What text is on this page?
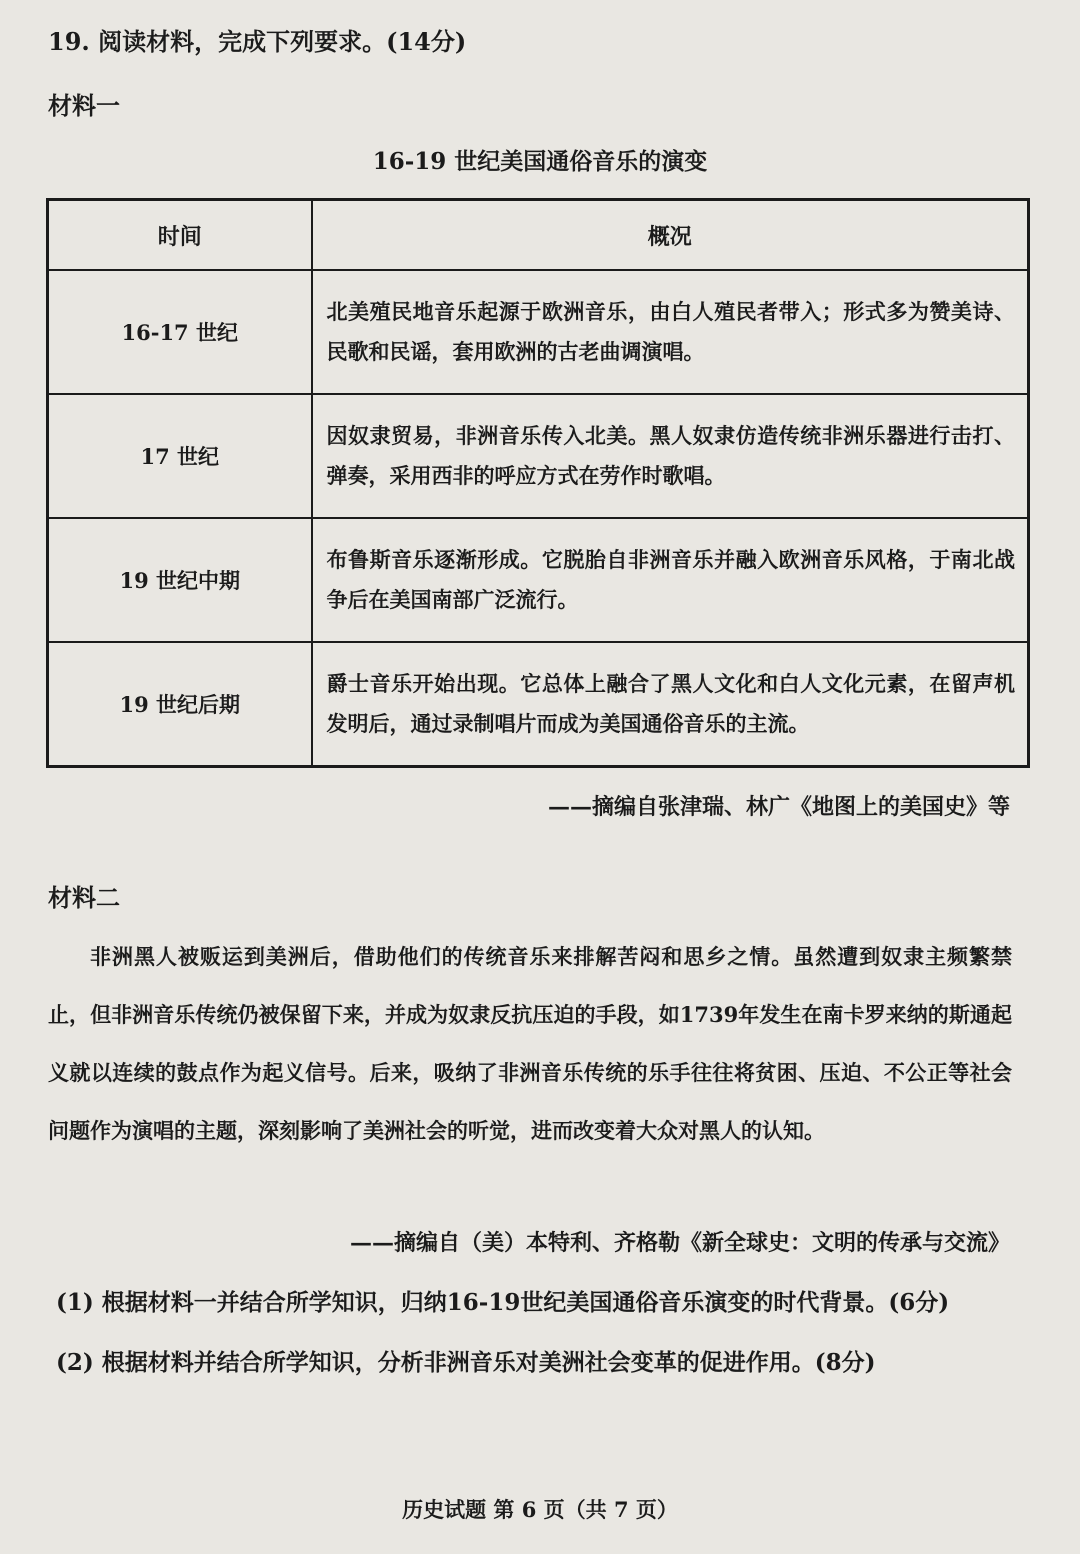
19. 阅读材料，完成下列要求。(14分)
材料一
16-19 世纪美国通俗音乐的演变
时间	概况
16-17 世纪	北美殖民地音乐起源于欧洲音乐，由白人殖民者带入；形式多为赞美诗、民歌和民谣，套用欧洲的古老曲调演唱。
17 世纪	因奴隶贸易，非洲音乐传入北美。黑人奴隶仿造传统非洲乐器进行击打、弹奏，采用西非的呼应方式在劳作时歌唱。
19 世纪中期	布鲁斯音乐逐渐形成。它脱胎自非洲音乐并融入欧洲音乐风格，于南北战争后在美国南部广泛流行。
19 世纪后期	爵士音乐开始出现。它总体上融合了黑人文化和白人文化元素，在留声机发明后，通过录制唱片而成为美国通俗音乐的主流。
——摘编自张津瑞、林广《地图上的美国史》等
材料二

非洲黑人被贩运到美洲后，借助他们的传统音乐来排解苦闷和思乡之情。虽然遭到奴隶主频繁禁止，但非洲音乐传统仍被保留下来，并成为奴隶反抗压迫的手段，如1739年发生在南卡罗来纳的斯通起义就以连续的鼓点作为起义信号。后来，吸纳了非洲音乐传统的乐手往往将贫困、压迫、不公正等社会问题作为演唱的主题，深刻影响了美洲社会的听觉，进而改变着大众对黑人的认知。

——摘编自（美）本特利、齐格勒《新全球史：文明的传承与交流》
(1) 根据材料一并结合所学知识，归纳16-19世纪美国通俗音乐演变的时代背景。(6分)
(2) 根据材料并结合所学知识，分析非洲音乐对美洲社会变革的促进作用。(8分)
历史试题 第 6 页（共 7 页）
